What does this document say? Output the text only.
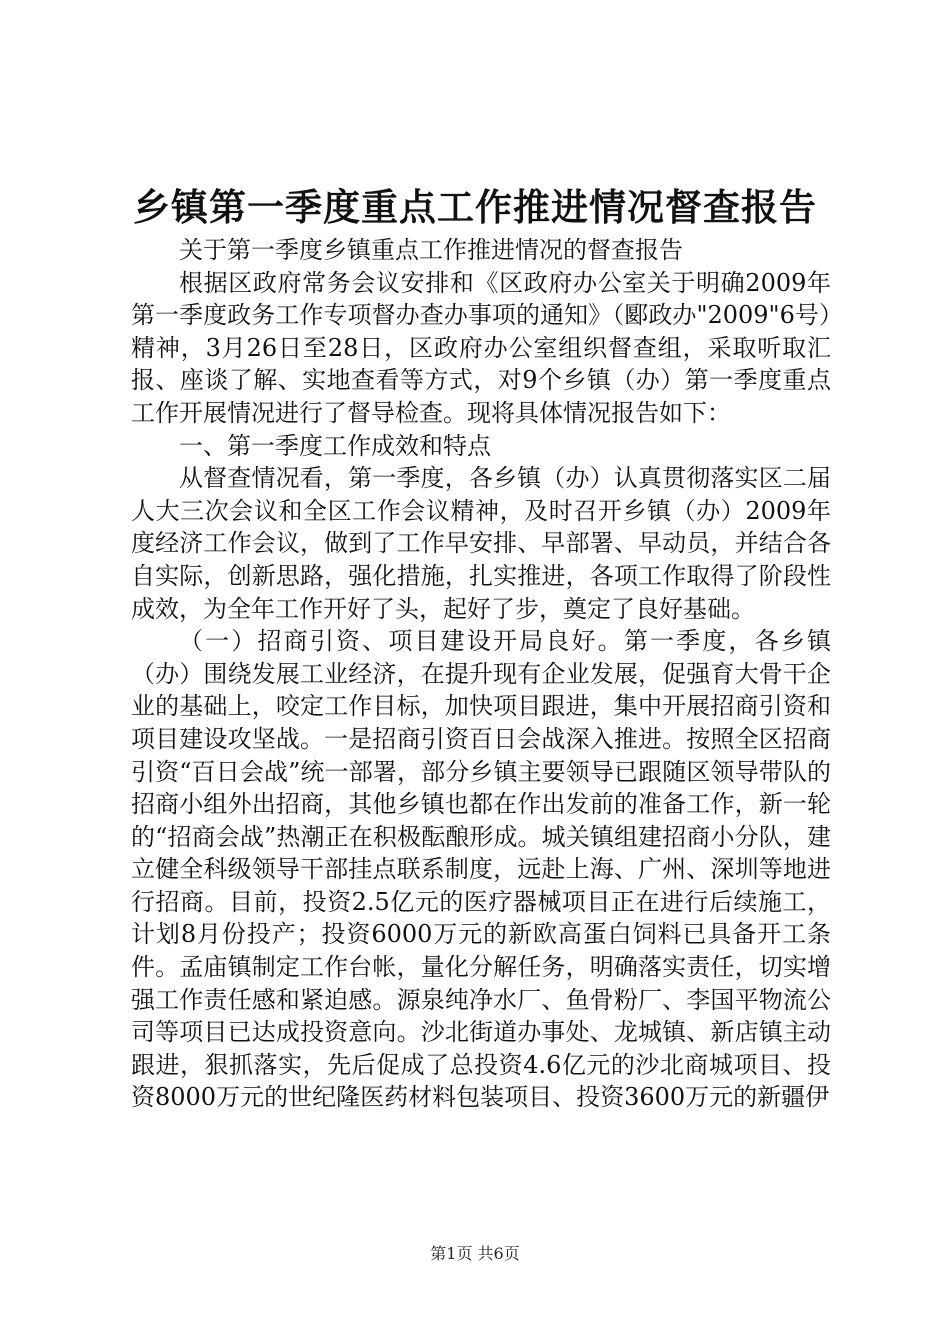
乡镇第一季度重点工作推进情况督查报告

关于第一季度乡镇重点工作推进情况的督查报告

根据区政府常务会议安排和《区政府办公室关于明确2009年第一季度政务工作专项督办查办事项的通知》（郾政办"2009"6号）精神，3月26日至28日，区政府办公室组织督查组，采取听取汇报、座谈了解、实地查看等方式，对9个乡镇（办）第一季度重点工作开展情况进行了督导检查。现将具体情况报告如下：

一、第一季度工作成效和特点

从督查情况看，第一季度，各乡镇（办）认真贯彻落实区二届人大三次会议和全区工作会议精神，及时召开乡镇（办）2009年度经济工作会议，做到了工作早安排、早部署、早动员，并结合各自实际，创新思路，强化措施，扎实推进，各项工作取得了阶段性成效，为全年工作开好了头，起好了步，奠定了良好基础。

（一）招商引资、项目建设开局良好。第一季度，各乡镇（办）围绕发展工业经济，在提升现有企业发展，促强育大骨干企业的基础上，咬定工作目标，加快项目跟进，集中开展招商引资和项目建设攻坚战。一是招商引资百日会战深入推进。按照全区招商引资“百日会战”统一部署，部分乡镇主要领导已跟随区领导带队的招商小组外出招商，其他乡镇也都在作出发前的准备工作，新一轮的“招商会战”热潮正在积极酝酿形成。城关镇组建招商小分队，建立健全科级领导干部挂点联系制度，远赴上海、广州、深圳等地进行招商。目前，投资2.5亿元的医疗器械项目正在进行后续施工，计划8月份投产；投资6000万元的新欧高蛋白饲料已具备开工条件。孟庙镇制定工作台帐，量化分解任务，明确落实责任，切实增强工作责任感和紧迫感。源泉纯净水厂、鱼骨粉厂、李国平物流公司等项目已达成投资意向。沙北街道办事处、龙城镇、新店镇主动跟进，狠抓落实，先后促成了总投资4.6亿元的沙北商城项目、投资8000万元的世纪隆医药材料包装项目、投资3600万元的新疆伊

第1页 共6页
